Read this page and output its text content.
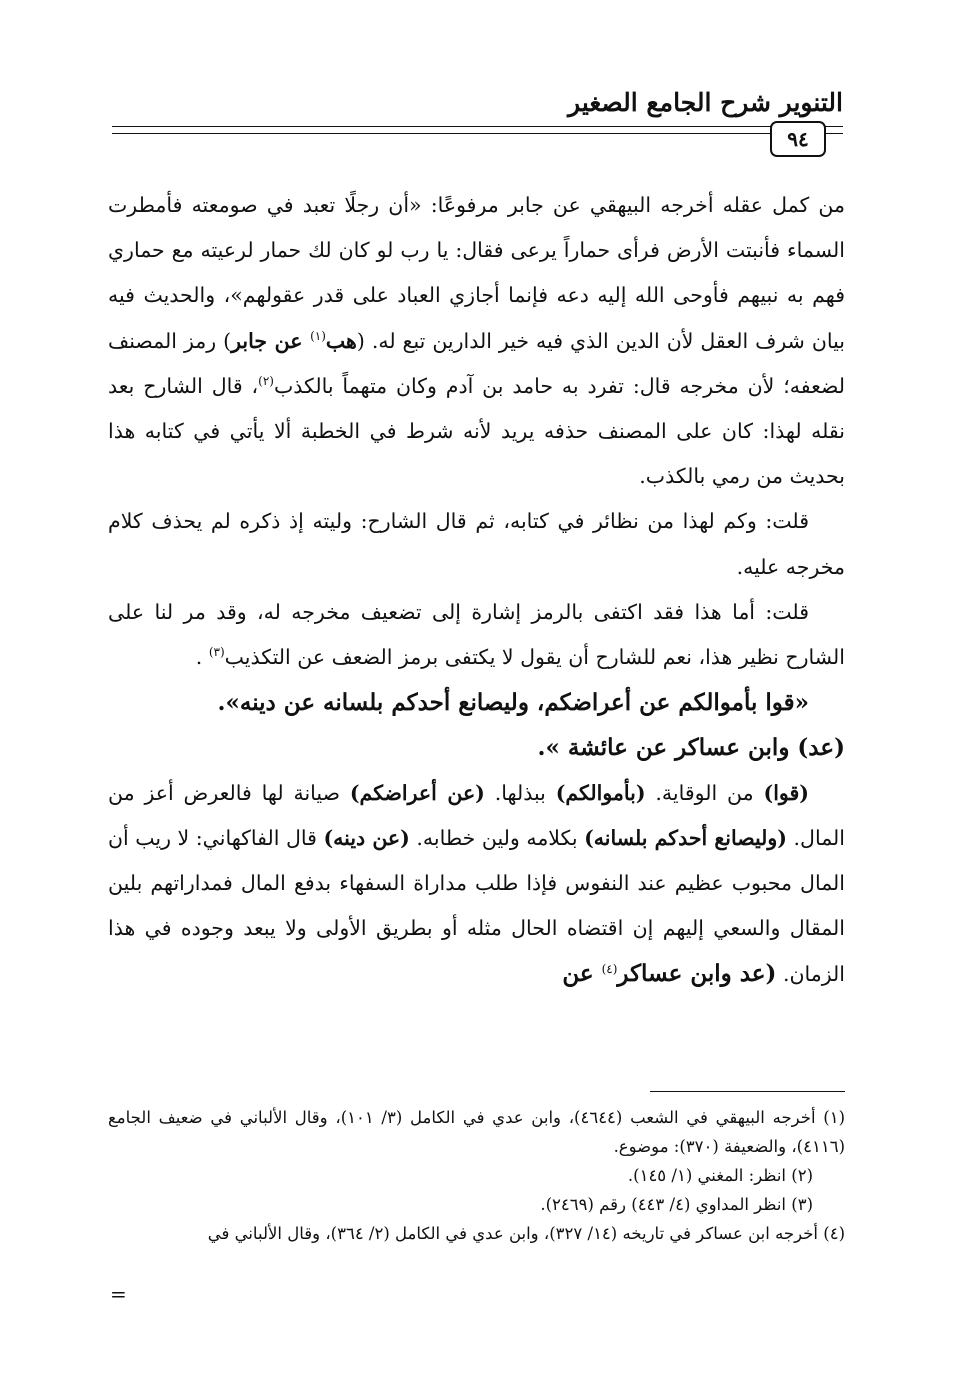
التنوير شرح الجامع الصغير
٩٤

من كمل عقله أخرجه البيهقي عن جابر مرفوعًا: «أن رجلًا تعبد في صومعته فأمطرت السماء فأنبتت الأرض فرأى حماراً يرعى فقال: يا رب لو كان لك حمار لرعيته مع حماري فهم به نبيهم فأوحى الله إليه دعه فإنما أجازي العباد على قدر عقولهم»، والحديث فيه بيان شرف العقل لأن الدين الذي فيه خير الدارين تبع له. (هب$^{(١)}$ عن جابر) رمز المصنف لضعفه؛ لأن مخرجه قال: تفرد به حامد بن آدم وكان متهماً بالكذب$^{(٢)}$، قال الشارح بعد نقله لهذا: كان على المصنف حذفه يريد لأنه شرط في الخطبة ألا يأتي في كتابه هذا بحديث من رمي بالكذب.

قلت: وكم لهذا من نظائر في كتابه، ثم قال الشارح: وليته إذ ذكره لم يحذف كلام مخرجه عليه.

قلت: أما هذا فقد اكتفى بالرمز إشارة إلى تضعيف مخرجه له، وقد مر لنا على الشارح نظير هذا، نعم للشارح أن يقول لا يكتفى برمز الضعف عن التكذيب$^{(٣)}$ .

«قوا بأموالكم عن أعراضكم، وليصانع أحدكم بلسانه عن دينه».

(عد) وابن عساكر عن عائشة ».

(قوا) من الوقاية. (بأموالكم) ببذلها. (عن أعراضكم) صيانة لها فالعرض أعز من المال. (وليصانع أحدكم بلسانه) بكلامه ولين خطابه. (عن دينه) قال الفاكهاني: لا ريب أن المال محبوب عظيم عند النفوس فإذا طلب مداراة السفهاء بدفع المال فمداراتهم بلين المقال والسعي إليهم إن اقتضاه الحال مثله أو بطريق الأولى ولا يبعد وجوده في هذا الزمان. (عد وابن عساكر$^{(٤)}$ عن

(١) أخرجه البيهقي في الشعب (٤٦٤٤)، وابن عدي في الكامل (٣/ ١٠١)، وقال الألباني في ضعيف الجامع (٤١١٦)، والضعيفة (٣٧٠): موضوع.

(٢) انظر: المغني (١/ ١٤٥).

(٣) انظر المداوي (٤/ ٤٤٣) رقم (٢٤٦٩).

(٤) أخرجه ابن عساكر في تاريخه (١٤/ ٣٢٧)، وابن عدي في الكامل (٢/ ٣٦٤)، وقال الألباني في

=
